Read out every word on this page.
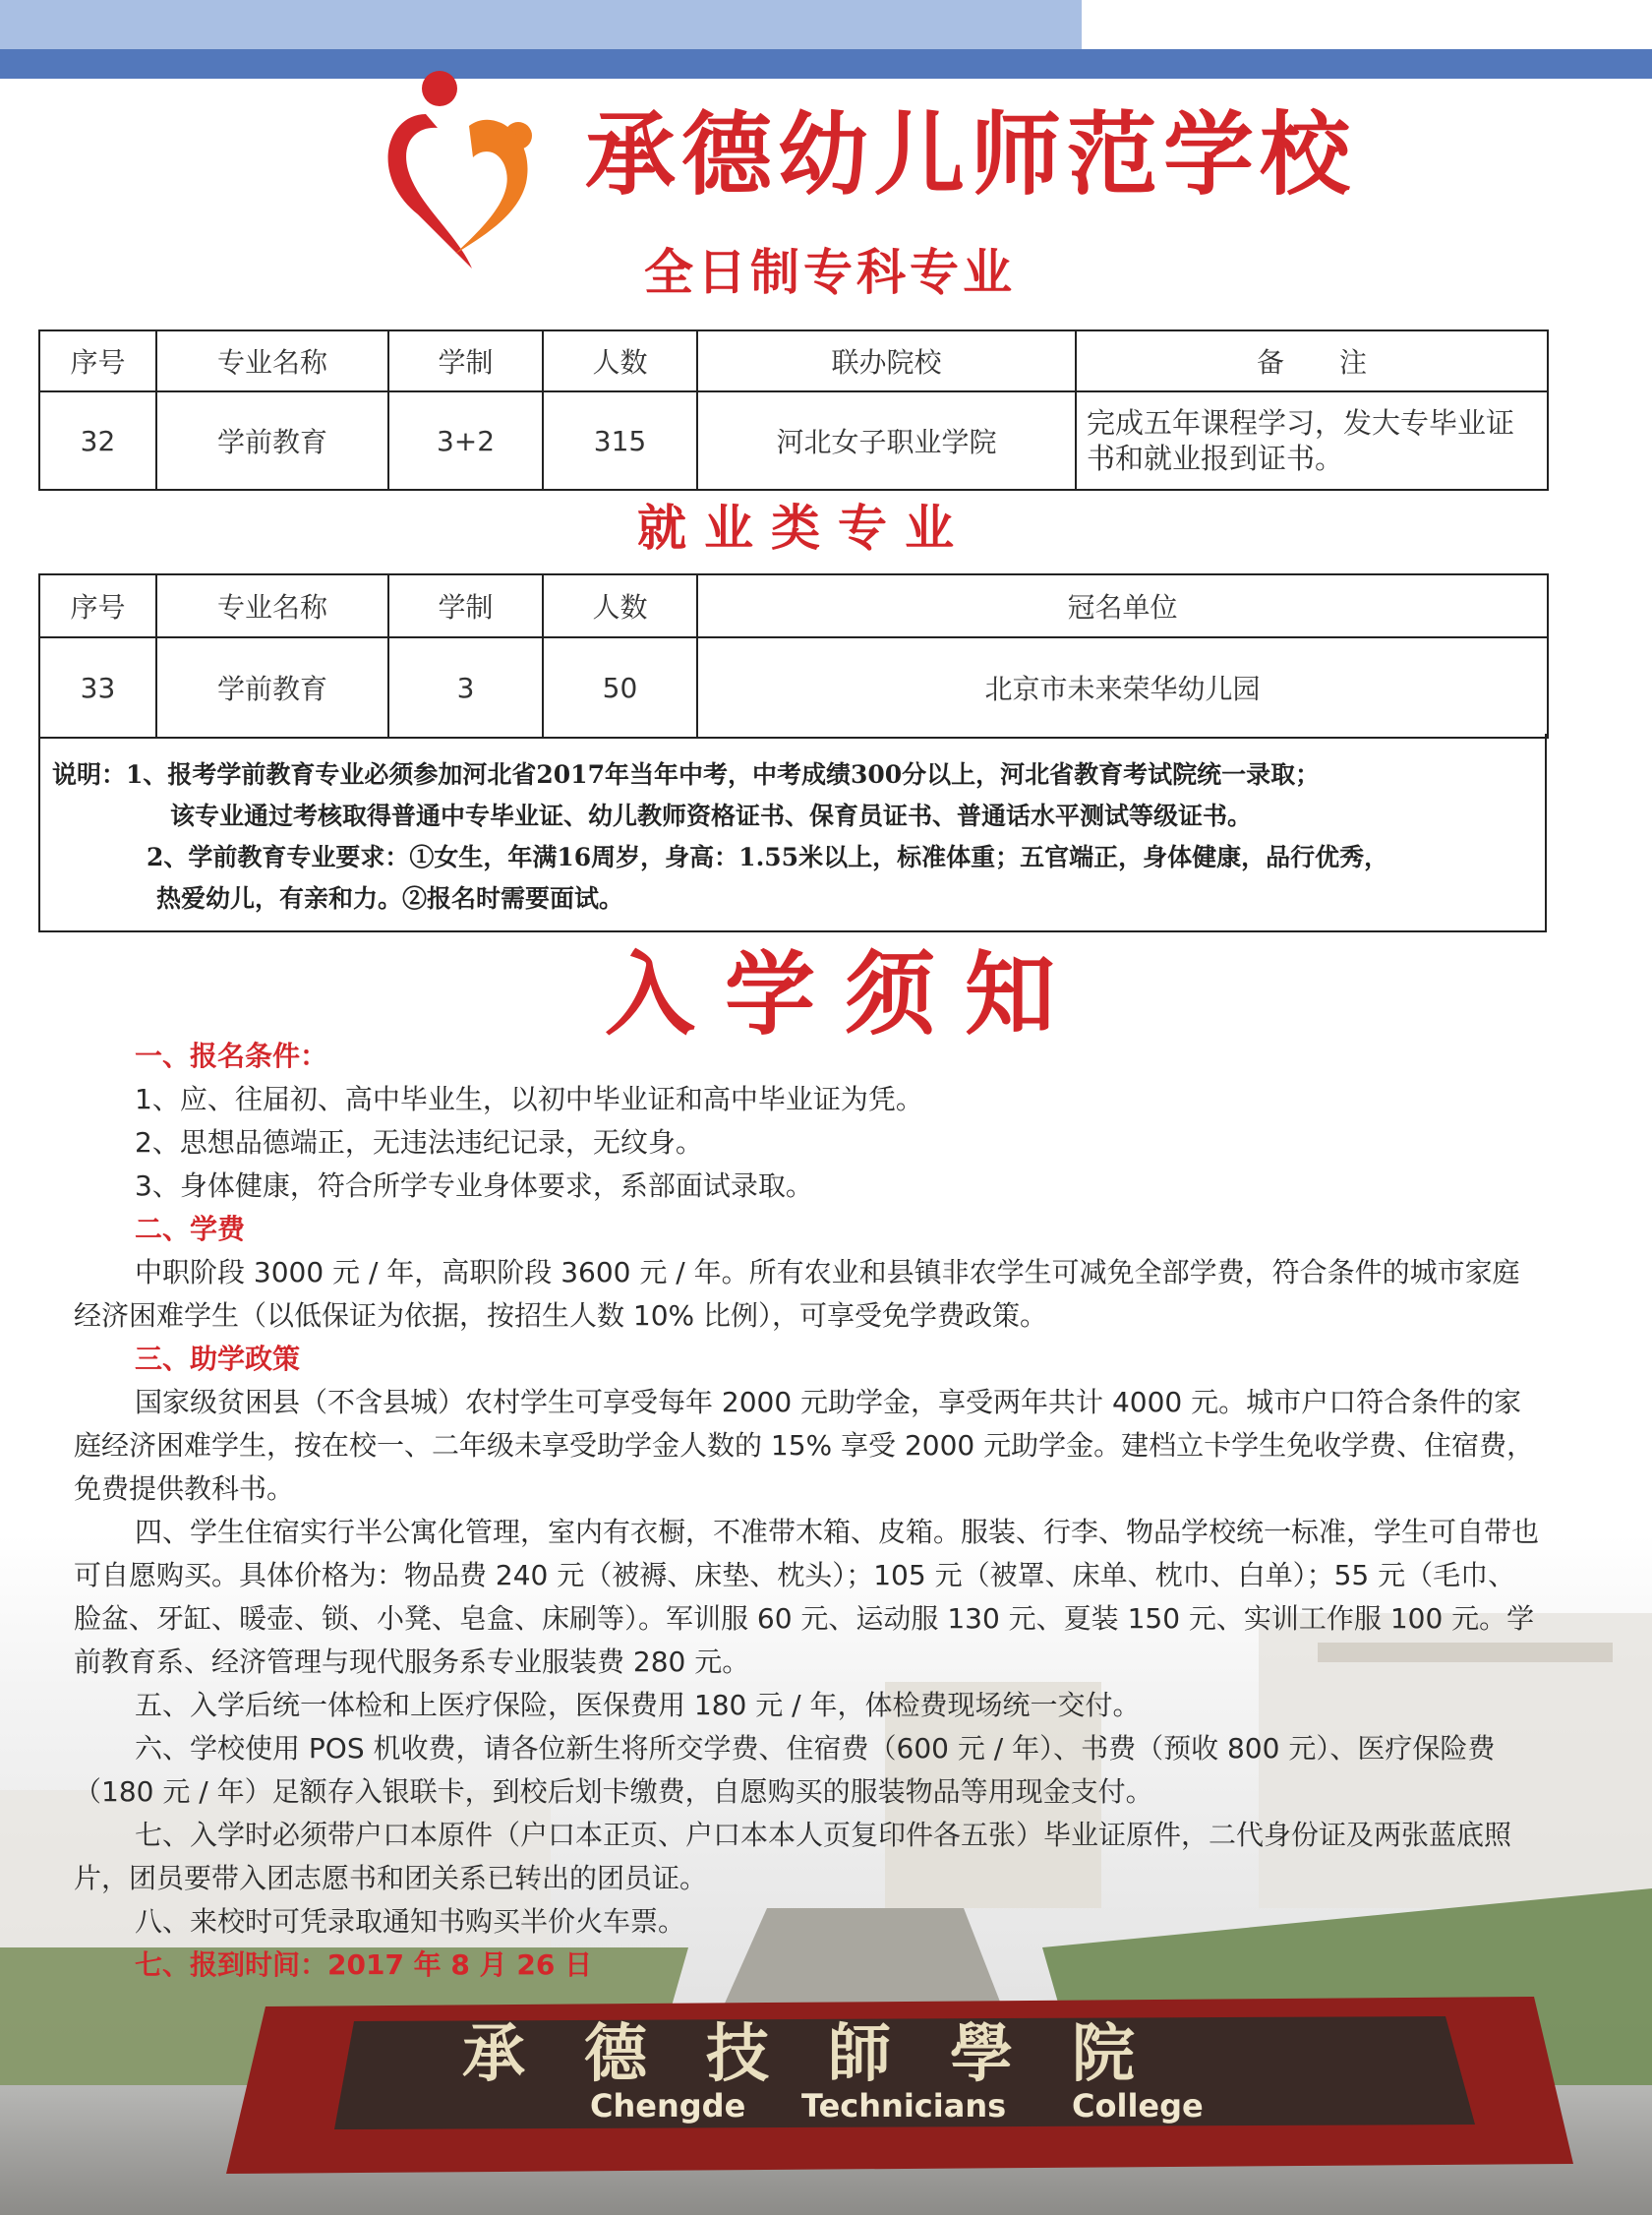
承德幼儿师范学校
全日制专科专业
序号	专业名称	学制	人数	联办院校	备　　注
32	学前教育	3+2	315	河北女子职业学院	完成五年课程学习，发大专毕业证书和就业报到证书。
就业类专业
序号	专业名称	学制	人数	冠名单位
33	学前教育	3	50	北京市未来荣华幼儿园
说明：1、报考学前教育专业必须参加河北省2017年当年中考，中考成绩300分以上，河北省教育考试院统一录取；
该专业通过考核取得普通中专毕业证、幼儿教师资格证书、保育员证书、普通话水平测试等级证书。
2、学前教育专业要求：①女生，年满16周岁，身高：1.55米以上，标准体重；五官端正，身体健康，品行优秀，
热爱幼儿，有亲和力。②报名时需要面试。
入学须知
承德技師學院
Chengde Technicians College

一、报名条件：

1、应、往届初、高中毕业生，以初中毕业证和高中毕业证为凭。

2、思想品德端正，无违法违纪记录，无纹身。

3、身体健康，符合所学专业身体要求，系部面试录取。

二、学费

中职阶段 3000 元 / 年，高职阶段 3600 元 / 年。所有农业和县镇非农学生可减免全部学费，符合条件的城市家庭经济困难学生（以低保证为依据，按招生人数 10% 比例），可享受免学费政策。

三、助学政策

国家级贫困县（不含县城）农村学生可享受每年 2000 元助学金，享受两年共计 4000 元。城市户口符合条件的家庭经济困难学生，按在校一、二年级未享受助学金人数的 15% 享受 2000 元助学金。建档立卡学生免收学费、住宿费，免费提供教科书。

四、学生住宿实行半公寓化管理，室内有衣橱，不准带木箱、皮箱。服装、行李、物品学校统一标准，学生可自带也可自愿购买。具体价格为：物品费 240 元（被褥、床垫、枕头）；105 元（被罩、床单、枕巾、白单）；55 元（毛巾、脸盆、牙缸、暖壶、锁、小凳、皂盒、床刷等）。军训服 60 元、运动服 130 元、夏装 150 元、实训工作服 100 元。学前教育系、经济管理与现代服务系专业服装费 280 元。

五、入学后统一体检和上医疗保险，医保费用 180 元 / 年，体检费现场统一交付。

六、学校使用 POS 机收费，请各位新生将所交学费、住宿费（600 元 / 年）、书费（预收 800 元）、医疗保险费（180 元 / 年）足额存入银联卡，到校后划卡缴费，自愿购买的服装物品等用现金支付。

七、入学时必须带户口本原件（户口本正页、户口本本人页复印件各五张）毕业证原件，二代身份证及两张蓝底照片，团员要带入团志愿书和团关系已转出的团员证。

八、来校时可凭录取通知书购买半价火车票。

七、报到时间：2017 年 8 月 26 日
